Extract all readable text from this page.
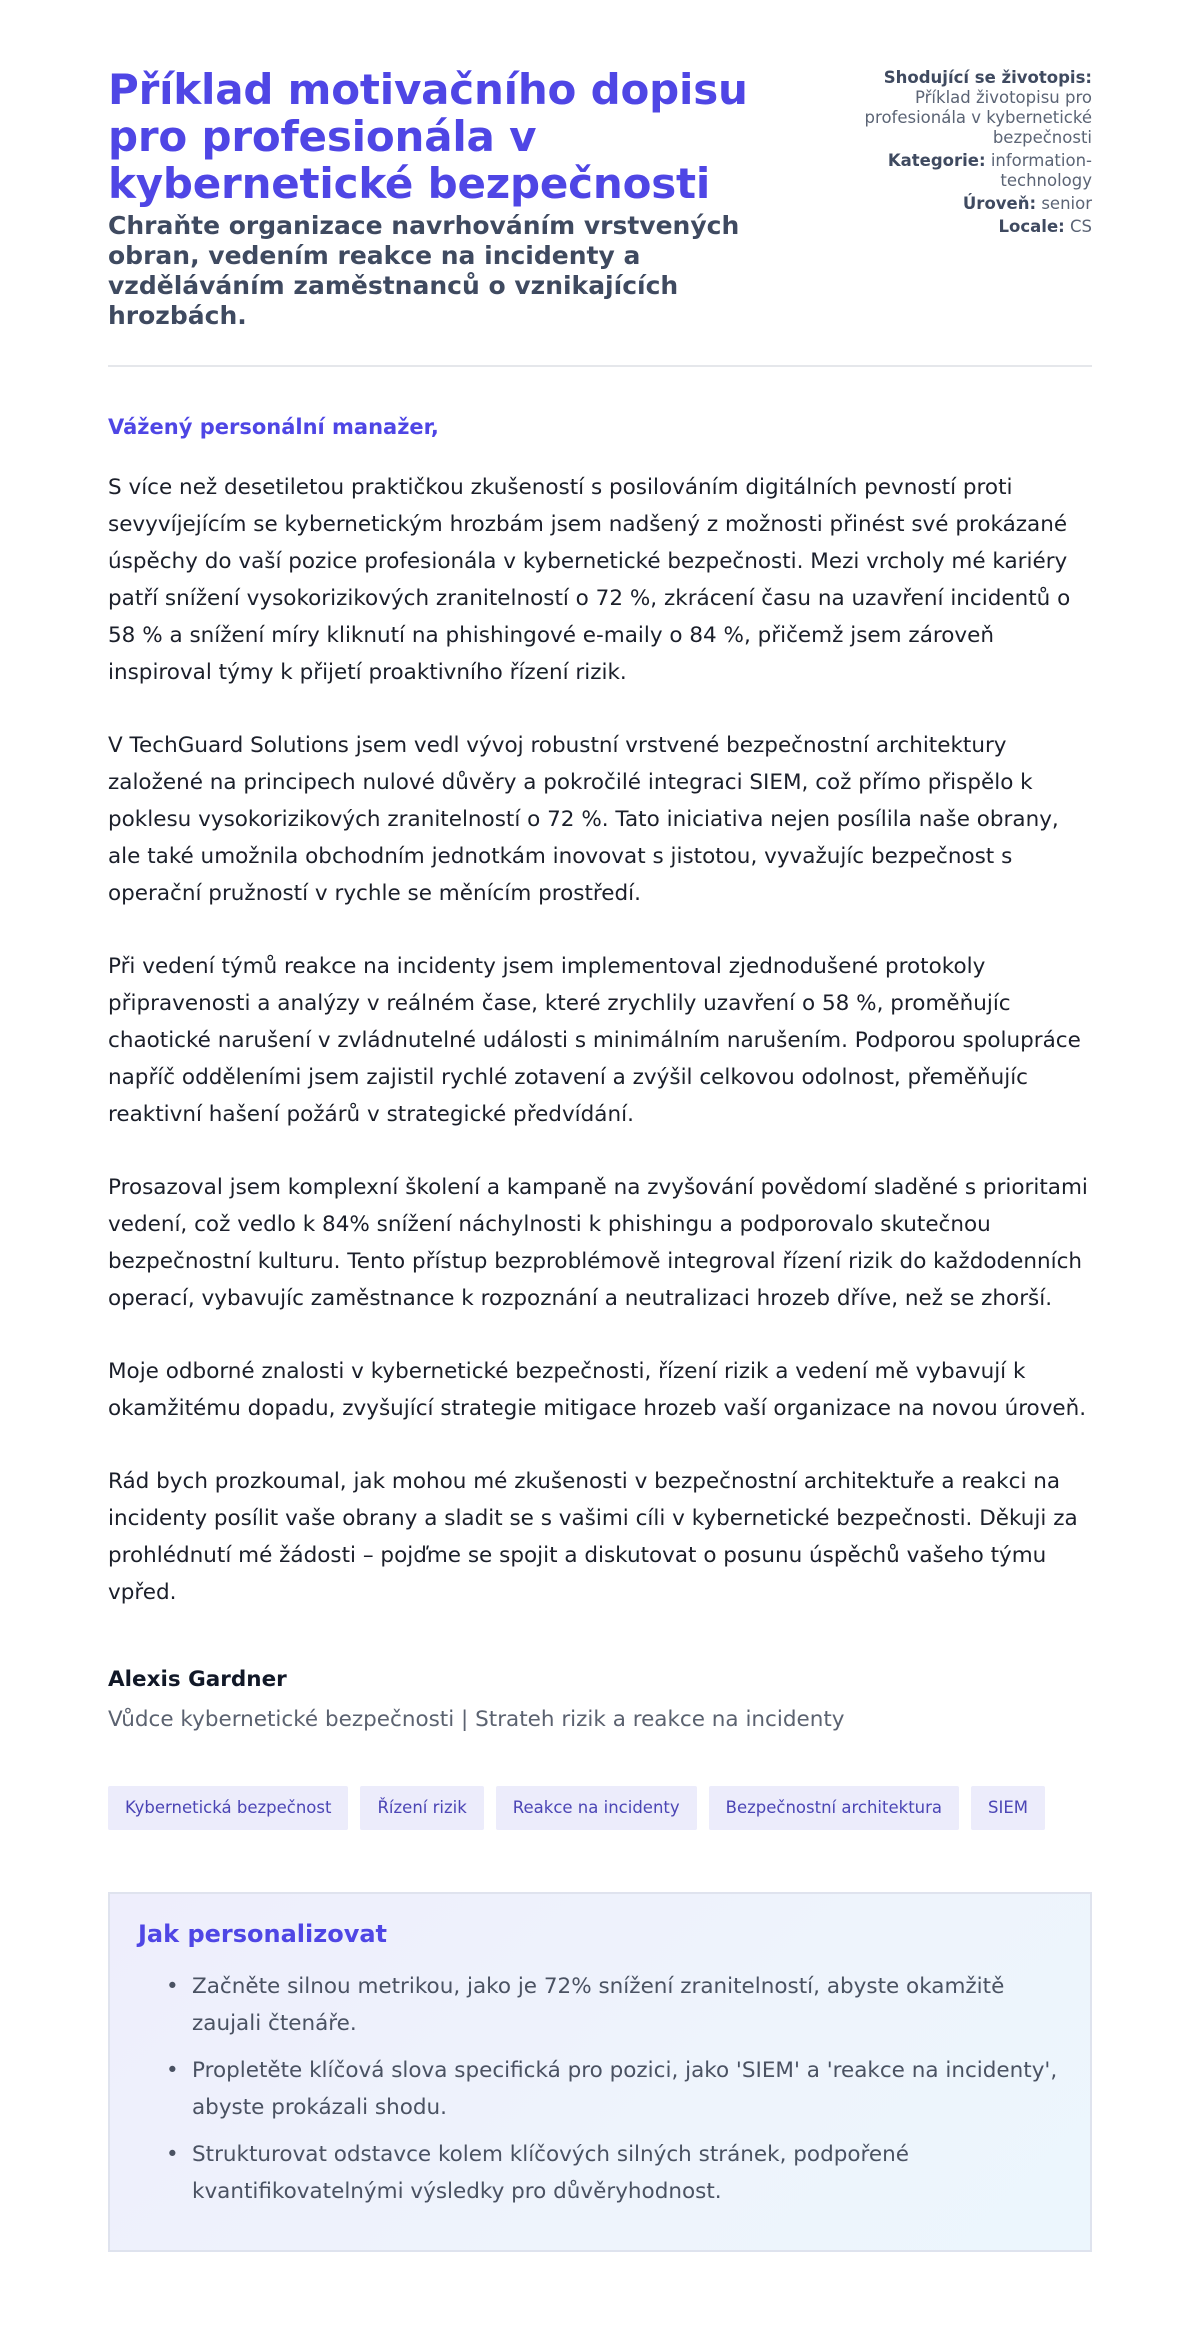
Příklad motivačního dopisu pro profesionála v kybernetické bezpečnosti
Chraňte organizace navrhováním vrstvených obran, vedením reakce na incidenty a vzděláváním zaměstnanců o vznikajících hrozbách.
Shodující se životopis: Příklad životopisu pro profesionála v kybernetické bezpečnosti
Kategorie: information-technology
Úroveň: senior
Locale: CS
Vážený personální manažer,

S více než desetiletou praktičkou zkušeností s posilováním digitálních pevností proti sevyvíjejícím se kybernetickým hrozbám jsem nadšený z možnosti přinést své prokázané úspěchy do vaší pozice profesionála v kybernetické bezpečnosti. Mezi vrcholy mé kariéry patří snížení vysokorizikových zranitelností o 72 %, zkrácení času na uzavření incidentů o 58 % a snížení míry kliknutí na phishingové e-maily o 84 %, přičemž jsem zároveň inspiroval týmy k přijetí proaktivního řízení rizik.

V TechGuard Solutions jsem vedl vývoj robustní vrstvené bezpečnostní architektury založené na principech nulové důvěry a pokročilé integraci SIEM, což přímo přispělo k poklesu vysokorizikových zranitelností o 72 %. Tato iniciativa nejen posílila naše obrany, ale také umožnila obchodním jednotkám inovovat s jistotou, vyvažujíc bezpečnost s operační pružností v rychle se měnícím prostředí.

Při vedení týmů reakce na incidenty jsem implementoval zjednodušené protokoly připravenosti a analýzy v reálném čase, které zrychlily uzavření o 58 %, proměňujíc chaotické narušení v zvládnutelné události s minimálním narušením. Podporou spolupráce napříč odděleními jsem zajistil rychlé zotavení a zvýšil celkovou odolnost, přeměňujíc reaktivní hašení požárů v strategické předvídání.

Prosazoval jsem komplexní školení a kampaně na zvyšování povědomí sladěné s prioritami vedení, což vedlo k 84% snížení náchylnosti k phishingu a podporovalo skutečnou bezpečnostní kulturu. Tento přístup bezproblémově integroval řízení rizik do každodenních operací, vybavujíc zaměstnance k rozpoznání a neutralizaci hrozeb dříve, než se zhorší.

Moje odborné znalosti v kybernetické bezpečnosti, řízení rizik a vedení mě vybavují k okamžitému dopadu, zvyšující strategie mitigace hrozeb vaší organizace na novou úroveň.

Rád bych prozkoumal, jak mohou mé zkušenosti v bezpečnostní architektuře a reakci na incidenty posílit vaše obrany a sladit se s vašimi cíli v kybernetické bezpečnosti. Děkuji za prohlédnutí mé žádosti – pojďme se spojit a diskutovat o posunu úspěchů vašeho týmu vpřed.

Alexis Gardner
Vůdce kybernetické bezpečnosti | Strateh rizik a reakce na incidenty
Kybernetická bezpečnost	Řízení rizik	Reakce na incidenty	Bezpečnostní architektura	SIEM
Jak personalizovat
• Začněte silnou metrikou, jako je 72% snížení zranitelností, abyste okamžitě zaujali čtenáře.
• Propletěte klíčová slova specifická pro pozici, jako 'SIEM' a 'reakce na incidenty', abyste prokázali shodu.
• Strukturovat odstavce kolem klíčových silných stránek, podpořené kvantifikovatelnými výsledky pro důvěryhodnost.
